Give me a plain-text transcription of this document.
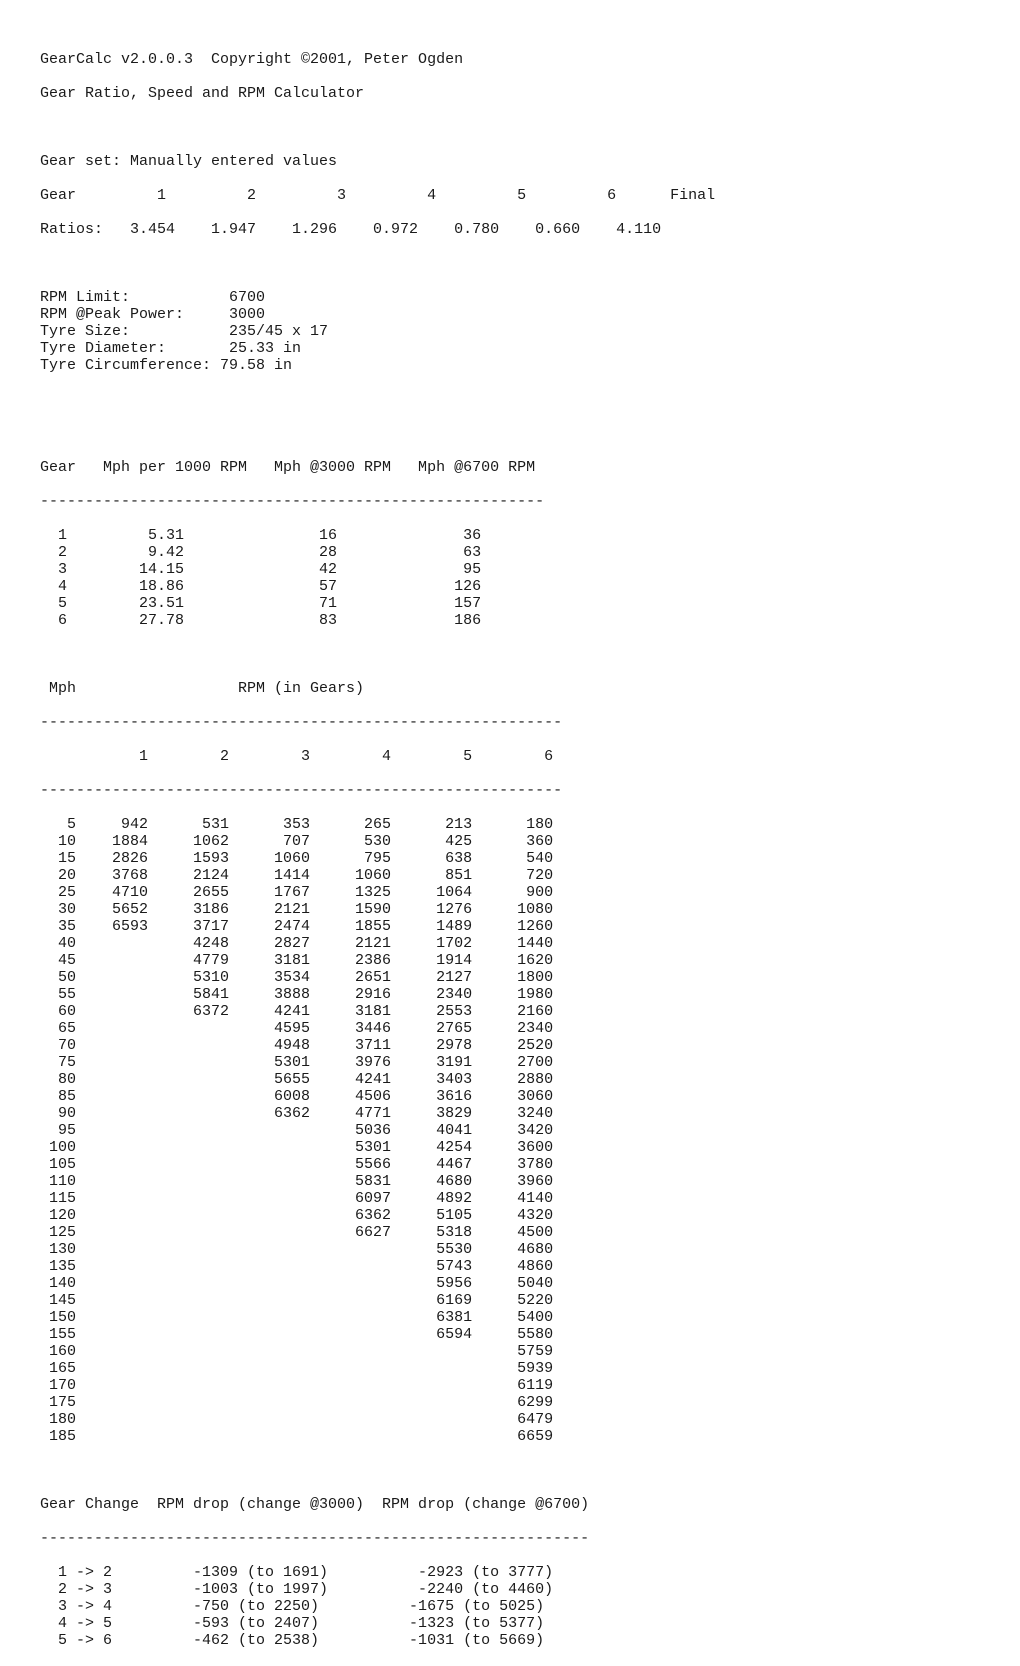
GearCalc v2.0.0.3  Copyright ©2001, Peter Ogden

Gear Ratio, Speed and RPM Calculator

Gear set: Manually entered values

Gear         1         2         3         4         5         6      Final

Ratios:   3.454    1.947    1.296    0.972    0.780    0.660    4.110

RPM Limit:           6700
RPM @Peak Power:     3000
Tyre Size:           235/45 x 17
Tyre Diameter:       25.33 in
Tyre Circumference: 79.58 in

Gear   Mph per 1000 RPM   Mph @3000 RPM   Mph @6700 RPM

--------------------------------------------------------

1         5.31               16              36
2         9.42               28              63
3        14.15               42              95
4        18.86               57             126
5        23.51               71             157
6        27.78               83             186

Mph                  RPM (in Gears)

----------------------------------------------------------

1        2        3        4        5        6

----------------------------------------------------------

5     942      531      353      265      213      180
10    1884     1062      707      530      425      360
15    2826     1593     1060      795      638      540
20    3768     2124     1414     1060      851      720
25    4710     2655     1767     1325     1064      900
30    5652     3186     2121     1590     1276     1080
35    6593     3717     2474     1855     1489     1260
40             4248     2827     2121     1702     1440
45             4779     3181     2386     1914     1620
50             5310     3534     2651     2127     1800
55             5841     3888     2916     2340     1980
60             6372     4241     3181     2553     2160
65                      4595     3446     2765     2340
70                      4948     3711     2978     2520
75                      5301     3976     3191     2700
80                      5655     4241     3403     2880
85                      6008     4506     3616     3060
90                      6362     4771     3829     3240
95                               5036     4041     3420
100                               5301     4254     3600
105                               5566     4467     3780
110                               5831     4680     3960
115                               6097     4892     4140
120                               6362     5105     4320
125                               6627     5318     4500
130                                        5530     4680
135                                        5743     4860
140                                        5956     5040
145                                        6169     5220
150                                        6381     5400
155                                        6594     5580
160                                                 5759
165                                                 5939
170                                                 6119
175                                                 6299
180                                                 6479
185                                                 6659

Gear Change  RPM drop (change @3000)  RPM drop (change @6700)

-------------------------------------------------------------

1 -> 2         -1309 (to 1691)          -2923 (to 3777)
2 -> 3         -1003 (to 1997)          -2240 (to 4460)
3 -> 4         -750 (to 2250)          -1675 (to 5025)
4 -> 5         -593 (to 2407)          -1323 (to 5377)
5 -> 6         -462 (to 2538)          -1031 (to 5669)
